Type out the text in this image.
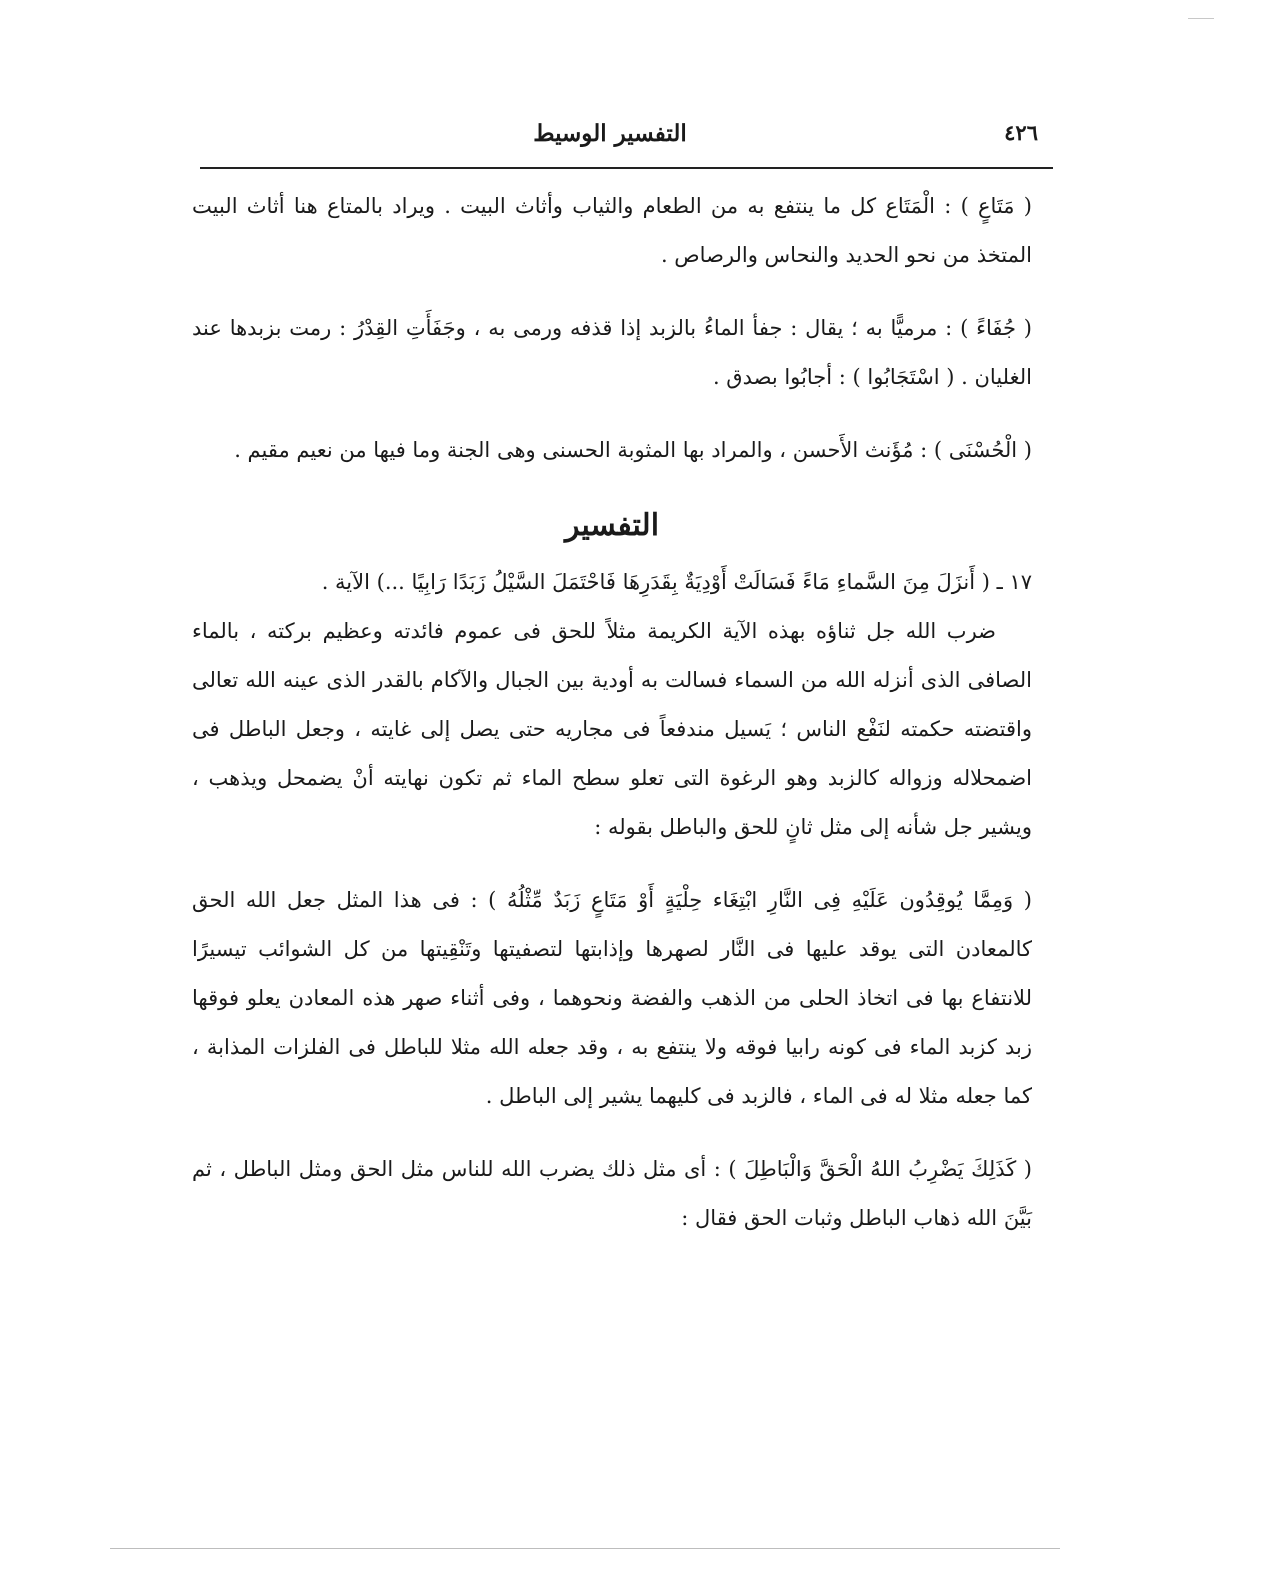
التفسير الوسيط	٤٢٦

( مَتَاعٍ ) : الْمَتَاع كل ما ينتفع به من الطعام والثياب وأثاث البيت . ويراد بالمتاع هنا أثاث البيت المتخذ من نحو الحديد والنحاس والرصاص .

( جُفَاءً ) : مرميًّا به ؛ يقال : جفأ الماءُ بالزبد إذا قذفه ورمى به ، وجَفَأَتِ القِدْرُ : رمت بزبدها عند الغليان . ( اسْتَجَابُوا ) : أجابُوا بصدق .

( الْحُسْنَى ) : مُؤَنث الأَحسن ، والمراد بها المثوبة الحسنى وهى الجنة وما فيها من نعيم مقيم .

التفسير

١٧ ـ ( أَنزَلَ مِنَ السَّماءِ مَاءً فَسَالَتْ أَوْدِيَةٌ بِقَدَرِهَا فَاحْتَمَلَ السَّيْلُ زَبَدًا رَابِيًا ...) الآية .

ضرب الله جل ثناؤه بهذه الآية الكريمة مثلاً للحق فى عموم فائدته وعظيم بركته ، بالماء الصافى الذى أنزله الله من السماء فسالت به أودية بين الجبال والآكام بالقدر الذى عينه الله تعالى واقتضته حكمته لنَفْع الناس ؛ يَسيل مندفعاً فى مجاريه حتى يصل إلى غايته ، وجعل الباطل فى اضمحلاله وزواله كالزبد وهو الرغوة التى تعلو سطح الماء ثم تكون نهايته أنْ يضمحل ويذهب ، ويشير جل شأنه إلى مثل ثانٍ للحق والباطل بقوله :

( وَمِمَّا يُوقِدُون عَلَيْهِ فِى النَّارِ ابْتِغَاء حِلْيَةٍ أَوْ مَتَاعٍ زَبَدٌ مِّثْلُهُ ) : فى هذا المثل جعل الله الحق كالمعادن التى يوقد عليها فى النَّار لصهرها وإذابتها لتصفيتها وتَنْقِيتها من كل الشوائب تيسيرًا للانتفاع بها فى اتخاذ الحلى من الذهب والفضة ونحوهما ، وفى أثناء صهر هذه المعادن يعلو فوقها زبد كزبد الماء فى كونه رابيا فوقه ولا ينتفع به ، وقد جعله الله مثلا للباطل فى الفلزات المذابة ، كما جعله مثلا له فى الماء ، فالزبد فى كليهما يشير إلى الباطل .

( كَذَلِكَ يَضْرِبُ اللهُ الْحَقَّ وَالْبَاطِلَ ) : أى مثل ذلك يضرب الله للناس مثل الحق ومثل الباطل ، ثم بَيَّنَ الله ذهاب الباطل وثبات الحق فقال :
